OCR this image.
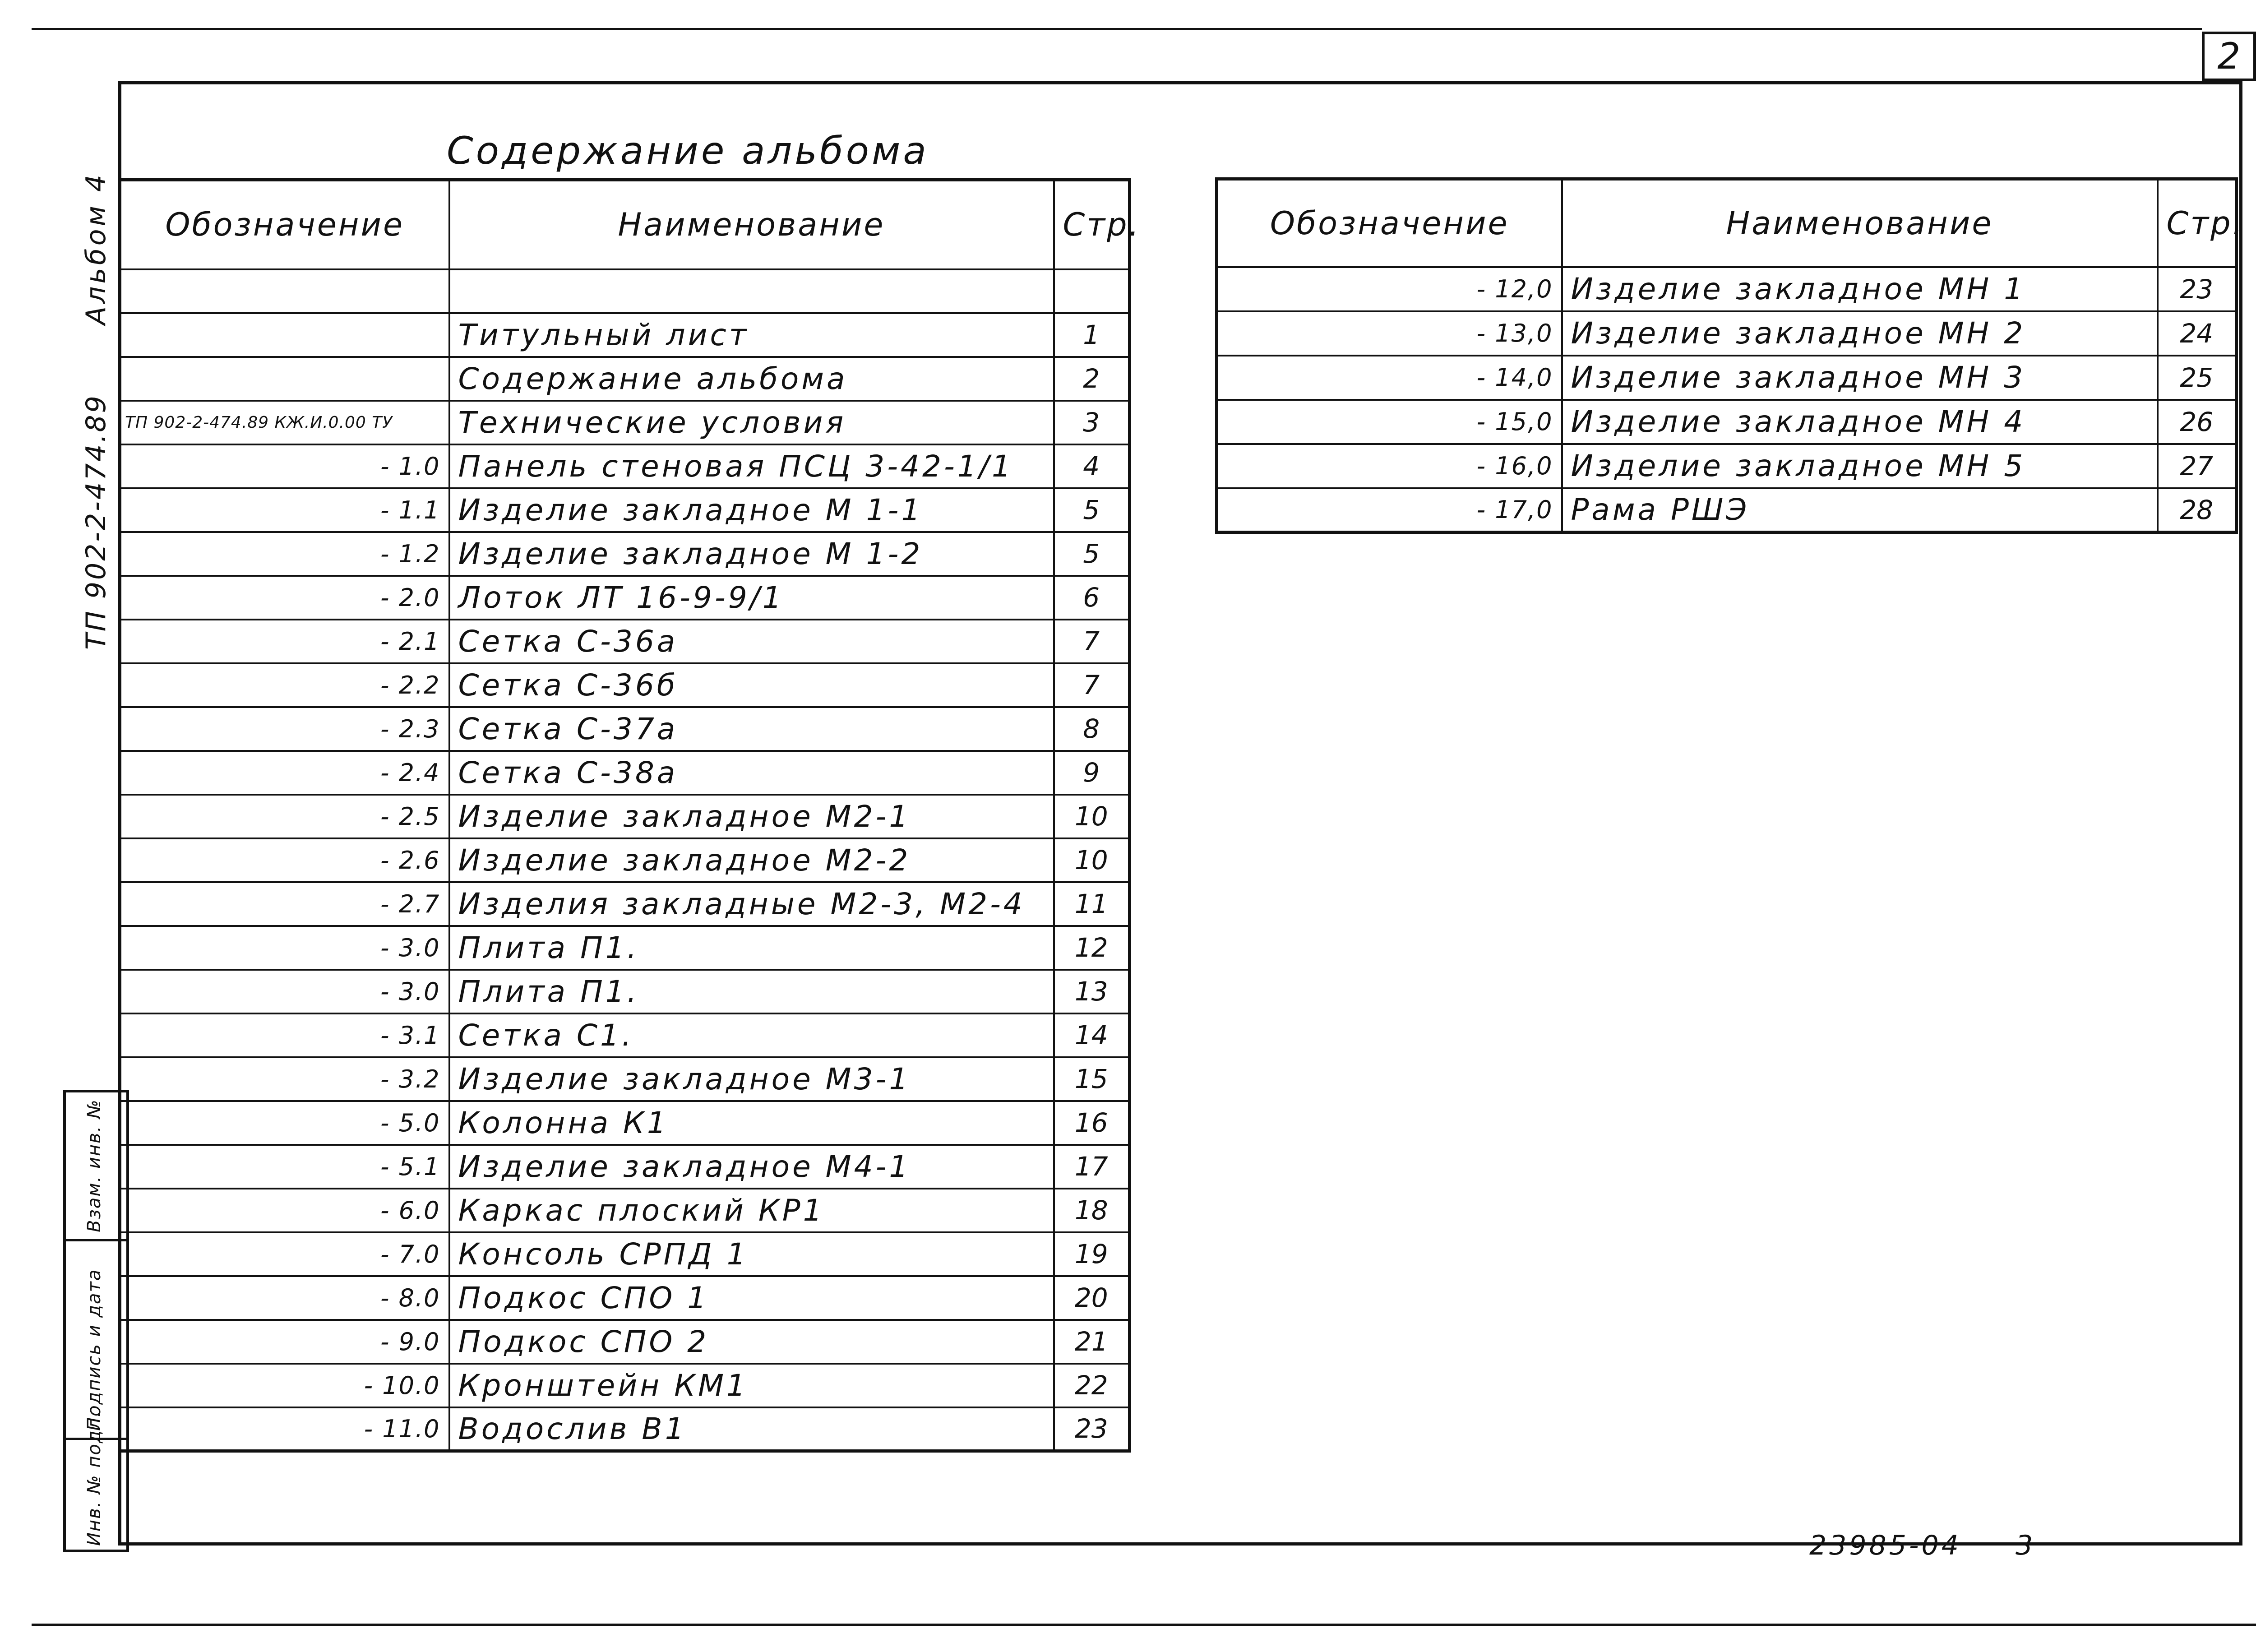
2
Содержание альбома
Альбом 4
ТП 902-2-474.89
Обозначение	Наименование	Стр.

	Титульный лист	1
	Содержание альбома	2
ТП 902-2-474.89 КЖ.И.0.00 ТУ	Технические условия	3
- 1.0	Панель стеновая ПСЦ 3-42-1/1	4
- 1.1	Изделие закладное М 1-1	5
- 1.2	Изделие закладное М 1-2	5
- 2.0	Лоток ЛТ 16-9-9/1	6
- 2.1	Сетка С-36а	7
- 2.2	Сетка С-36б	7
- 2.3	Сетка С-37а	8
- 2.4	Сетка С-38а	9
- 2.5	Изделие закладное М2-1	10
- 2.6	Изделие закладное М2-2	10
- 2.7	Изделия закладные М2-3, М2-4	11
- 3.0	Плита П1.	12
- 3.0	Плита П1.	13
- 3.1	Сетка С1.	14
- 3.2	Изделие закладное М3-1	15
- 5.0	Колонна К1	16
- 5.1	Изделие закладное М4-1	17
- 6.0	Каркас плоский КР1	18
- 7.0	Консоль СРПД 1	19
- 8.0	Подкос СПО 1	20
- 9.0	Подкос СПО 2	21
- 10.0	Кронштейн КМ1	22
- 11.0	Водослив В1	23
Обозначение	Наименование	Стр.
- 12,0	Изделие закладное МН 1	23
- 13,0	Изделие закладное МН 2	24
- 14,0	Изделие закладное МН 3	25
- 15,0	Изделие закладное МН 4	26
- 16,0	Изделие закладное МН 5	27
- 17,0	Рама РШЭ	28
Взам. инв. №
Подпись и дата
Инв. № подл.	23985-04 3
